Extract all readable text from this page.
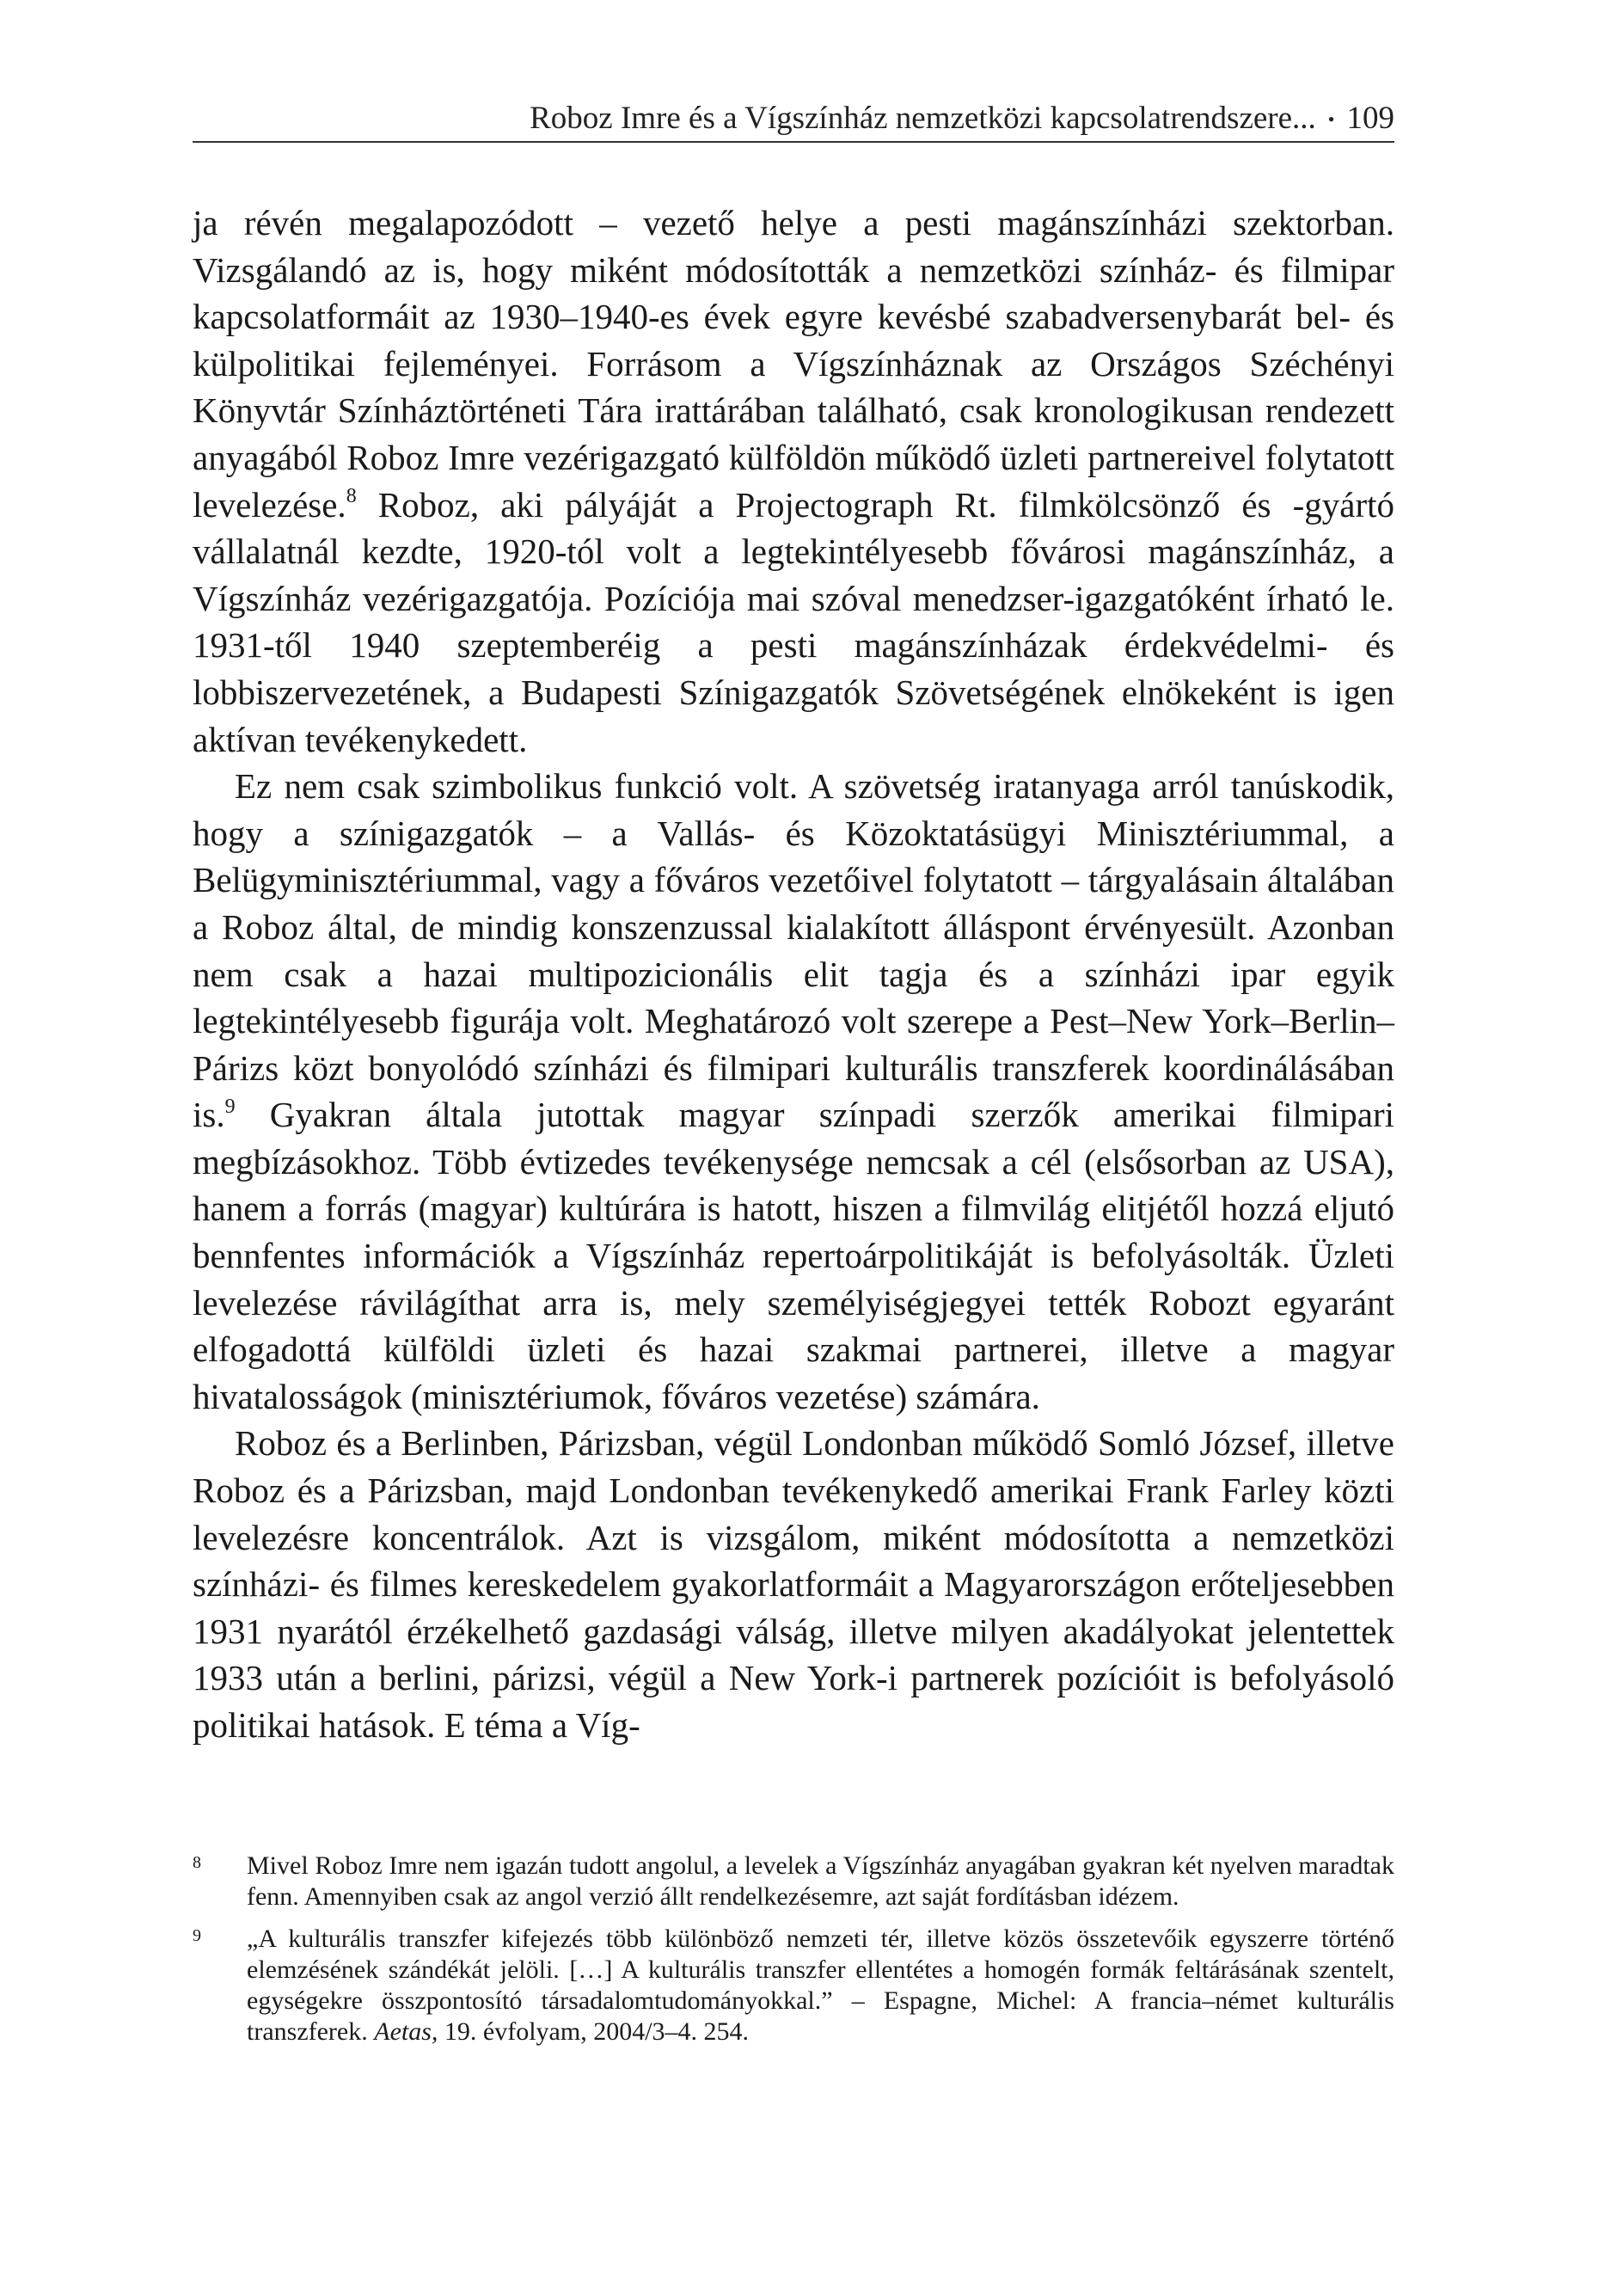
Roboz Imre és a Vígszínház nemzetközi kapcsolatrendszere... • 109

ja révén megalapozódott – vezető helye a pesti magánszínházi szektorban. Vizsgálandó az is, hogy miként módosították a nemzetközi színház- és filmipar kapcsolatformáit az 1930–1940-es évek egyre kevésbé szabadversenybarát bel- és külpolitikai fejleményei. Forrásom a Vígszínháznak az Országos Széchényi Könyvtár Színháztörténeti Tára irattárában található, csak kronologikusan rendezett anyagából Roboz Imre vezérigazgató külföldön működő üzleti partnereivel folytatott levelezése.$^8$ Roboz, aki pályáját a Projectograph Rt. filmkölcsönző és -gyártó vállalatnál kezdte, 1920-tól volt a legtekintélyesebb fővárosi magánszínház, a Vígszínház vezérigazgatója. Pozíciója mai szóval menedzser-igazgatóként írható le. 1931-től 1940 szeptemberéig a pesti magánszínházak érdekvédelmi- és lobbiszervezetének, a Budapesti Színigazgatók Szövetségének elnökeként is igen aktívan tevékenykedett.

Ez nem csak szimbolikus funkció volt. A szövetség iratanyaga arról tanúskodik, hogy a színigazgatók – a Vallás- és Közoktatásügyi Minisztériummal, a Belügyminisztériummal, vagy a főváros vezetőivel folytatott – tárgyalásain általában a Roboz által, de mindig konszenzussal kialakított álláspont érvényesült. Azonban nem csak a hazai multipozicionális elit tagja és a színházi ipar egyik legtekintélyesebb figurája volt. Meghatározó volt szerepe a Pest–New York–Berlin–Párizs közt bonyolódó színházi és filmipari kulturális transzferek koordinálásában is.$^9$ Gyakran általa jutottak magyar színpadi szerzők amerikai filmipari megbízásokhoz. Több évtizedes tevékenysége nemcsak a cél (elsősorban az USA), hanem a forrás (magyar) kultúrára is hatott, hiszen a filmvilág elitjétől hozzá eljutó bennfentes információk a Vígszínház repertoárpolitikáját is befolyásolták. Üzleti levelezése rávilágíthat arra is, mely személyiségjegyei tették Robozt egyaránt elfogadottá külföldi üzleti és hazai szakmai partnerei, illetve a magyar hivatalosságok (minisztériumok, főváros vezetése) számára.

Roboz és a Berlinben, Párizsban, végül Londonban működő Somló József, illetve Roboz és a Párizsban, majd Londonban tevékenykedő amerikai Frank Farley közti levelezésre koncentrálok. Azt is vizsgálom, miként módosította a nemzetközi színházi- és filmes kereskedelem gyakorlatformáit a Magyarországon erőteljesebben 1931 nyarától érzékelhető gazdasági válság, illetve milyen akadályokat jelentettek 1933 után a berlini, párizsi, végül a New York-i partnerek pozícióit is befolyásoló politikai hatások. E téma a Víg-

8 Mivel Roboz Imre nem igazán tudott angolul, a levelek a Vígszínház anyagában gyakran két nyelven maradtak fenn. Amennyiben csak az angol verzió állt rendelkezésemre, azt saját fordításban idézem.
9 „A kulturális transzfer kifejezés több különböző nemzeti tér, illetve közös összetevőik egyszerre történő elemzésének szándékát jelöli. […] A kulturális transzfer ellentétes a homogén formák feltárásának szentelt, egységekre összpontosító társadalomtudományokkal.” – Espagne, Michel: A francia–német kulturális transzferek. Aetas, 19. évfolyam, 2004/3–4. 254.
